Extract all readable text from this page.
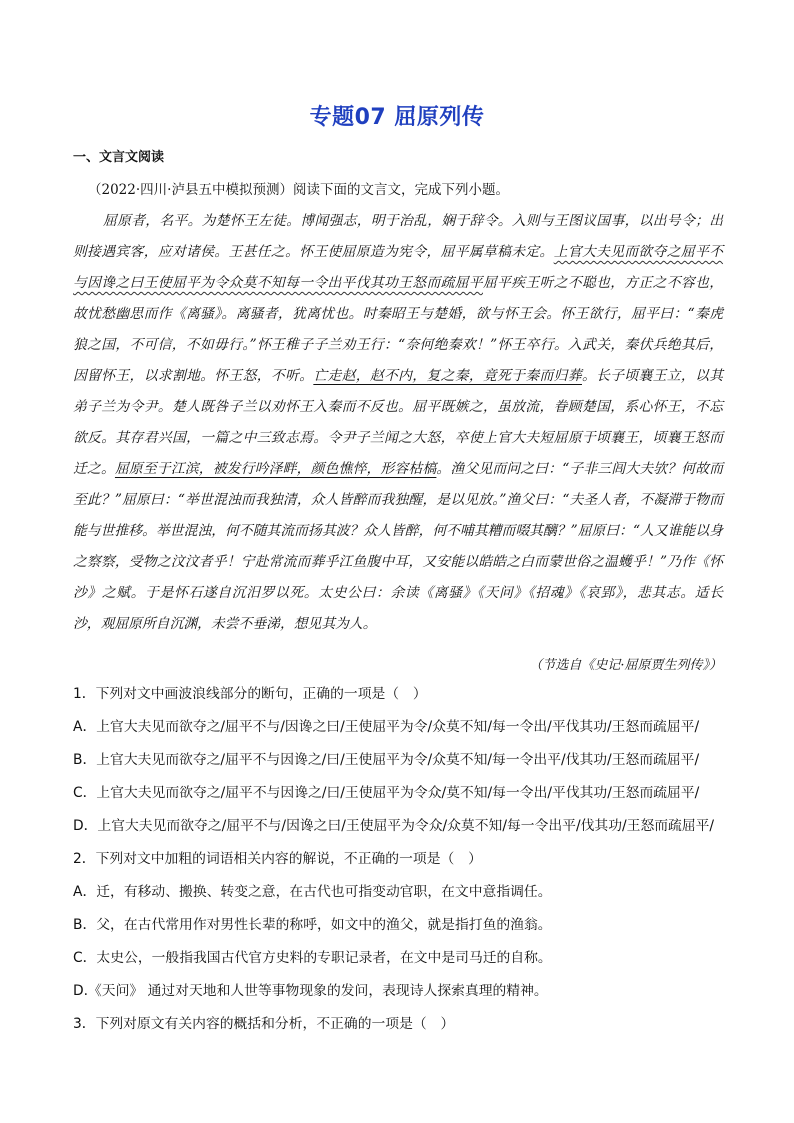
专题07 屈原列传
一、文言文阅读
（2022·四川·泸县五中模拟预测）阅读下面的文言文，完成下列小题。
屈原者，名平。为楚怀王左徒。博闻强志，明于治乱，娴于辞令。入则与王图议国事，以出号令；出
则接遇宾客，应对诸侯。王甚任之。怀王使屈原造为宪令，屈平属草稿未定。上官大夫见而欲夺之屈平不
与因谗之曰王使屈平为令众莫不知每一令出平伐其功王怒而疏屈平屈平疾王听之不聪也，方正之不容也，
故忧愁幽思而作《离骚》。离骚者，犹离忧也。时秦昭王与楚婚，欲与怀王会。怀王欲行，屈平曰：“秦虎
狼之国，不可信，不如毋行。”怀王稚子子兰劝王行：“奈何绝秦欢！”怀王卒行。入武关，秦伏兵绝其后，
因留怀王，以求割地。怀王怒，不听。亡走赵，赵不内，复之秦，竟死于秦而归葬。长子顷襄王立，以其
弟子兰为令尹。楚人既咎子兰以劝怀王入秦而不反也。屈平既嫉之，虽放流，眷顾楚国，系心怀王，不忘
欲反。其存君兴国，一篇之中三致志焉。令尹子兰闻之大怒，卒使上官大夫短屈原于顷襄王，顷襄王怒而
迁之。屈原至于江滨，被发行吟泽畔，颜色憔悴，形容枯槁。渔父见而问之曰：“子非三闾大夫欤？何故而
至此？”屈原曰：“举世混浊而我独清，众人皆醉而我独醒，是以见放。”渔父曰：“夫圣人者，不凝滞于物而
能与世推移。举世混浊，何不随其流而扬其波？众人皆醉，何不哺其糟而啜其醨？”屈原曰：“人又谁能以身
之察察，受物之汶汶者乎！宁赴常流而葬乎江鱼腹中耳，又安能以皓皓之白而蒙世俗之温蠖乎！”乃作《怀
沙》之赋。于是怀石遂自沉汨罗以死。太史公曰：余读《离骚》《天问》《招魂》《哀郢》，悲其志。适长
沙，观屈原所自沉渊，未尝不垂涕，想见其为人。
（节选自《史记·屈原贾生列传》）
1．下列对文中画波浪线部分的断句，正确的一项是（　）
A．上官大夫见而欲夺之/屈平不与/因谗之曰/王使屈平为令/众莫不知/每一令出/平伐其功/王怒而疏屈平/
B．上官大夫见而欲夺之/屈平不与因谗之/曰/王使屈平为令/众莫不知/每一令出平/伐其功/王怒而疏屈平/
C．上官大夫见而欲夺之/屈平不与因谗之/曰/王使屈平为令众/莫不知/每一令出/平伐其功/王怒而疏屈平/
D．上官大夫见而欲夺之/屈平不与/因谗之曰/王使屈平为令众/众莫不知/每一令出平/伐其功/王怒而疏屈平/
2．下列对文中加粗的词语相关内容的解说，不正确的一项是（　）
A．迁，有移动、搬换、转变之意，在古代也可指变动官职，在文中意指调任。
B．父，在古代常用作对男性长辈的称呼，如文中的渔父，就是指打鱼的渔翁。
C．太史公，一般指我国古代官方史料的专职记录者，在文中是司马迁的自称。
D.《天问》 通过对天地和人世等事物现象的发问，表现诗人探索真理的精神。
3．下列对原文有关内容的概括和分析，不正确的一项是（　）
